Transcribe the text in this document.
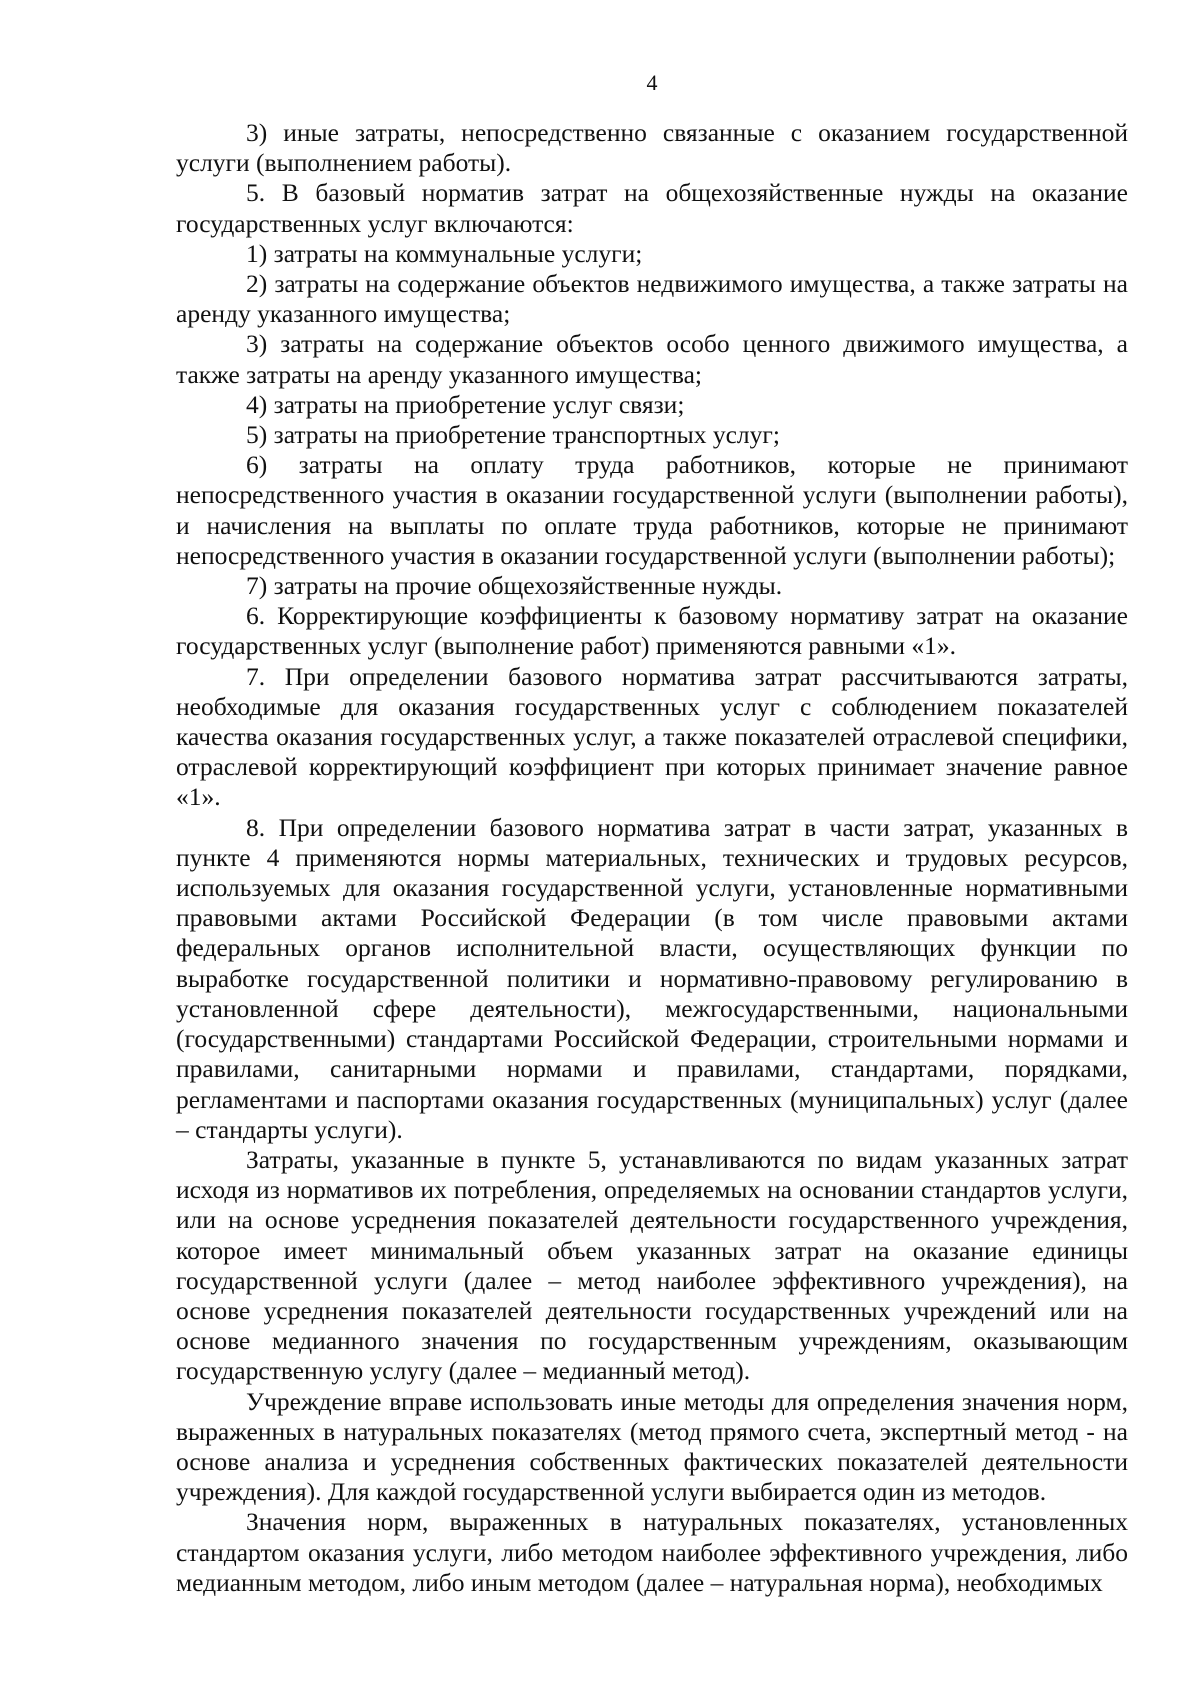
4

3) иные затраты, непосредственно связанные с оказанием государственной услуги (выполнением работы).

5. В базовый норматив затрат на общехозяйственные нужды на оказание государственных услуг включаются:

1) затраты на коммунальные услуги;

2) затраты на содержание объектов недвижимого имущества, а также затраты на аренду указанного имущества;

3) затраты на содержание объектов особо ценного движимого имущества, а также затраты на аренду указанного имущества;

4) затраты на приобретение услуг связи;

5) затраты на приобретение транспортных услуг;

6) затраты на оплату труда работников, которые не принимают непосредственного участия в оказании государственной услуги (выполнении работы), и начисления на выплаты по оплате труда работников, которые не принимают непосредственного участия в оказании государственной услуги (выполнении работы);

7) затраты на прочие общехозяйственные нужды.

6. Корректирующие коэффициенты к базовому нормативу затрат на оказание государственных услуг (выполнение работ) применяются равными «1».

7. При определении базового норматива затрат рассчитываются затраты, необходимые для оказания государственных услуг с соблюдением показателей качества оказания государственных услуг, а также показателей отраслевой специфики, отраслевой корректирующий коэффициент при которых принимает значение равное «1».

8. При определении базового норматива затрат в части затрат, указанных в пункте 4 применяются нормы материальных, технических и трудовых ресурсов, используемых для оказания государственной услуги, установленные нормативными правовыми актами Российской Федерации (в том числе правовыми актами федеральных органов исполнительной власти, осуществляющих функции по выработке государственной политики и нормативно-правовому регулированию в установленной сфере деятельности), межгосударственными, национальными (государственными) стандартами Российской Федерации, строительными нормами и правилами, санитарными нормами и правилами, стандартами, порядками, регламентами и паспортами оказания государственных (муниципальных) услуг (далее – стандарты услуги).

Затраты, указанные в пункте 5, устанавливаются по видам указанных затрат исходя из нормативов их потребления, определяемых на основании стандартов услуги, или на основе усреднения показателей деятельности государственного учреждения, которое имеет минимальный объем указанных затрат на оказание единицы государственной услуги (далее – метод наиболее эффективного учреждения), на основе усреднения показателей деятельности государственных учреждений или на основе медианного значения по государственным учреждениям, оказывающим государственную услугу (далее – медианный метод).

Учреждение вправе использовать иные методы для определения значения норм, выраженных в натуральных показателях (метод прямого счета, экспертный метод - на основе анализа и усреднения собственных фактических показателей деятельности учреждения). Для каждой государственной услуги выбирается один из методов.

Значения норм, выраженных в натуральных показателях, установленных стандартом оказания услуги, либо методом наиболее эффективного учреждения, либо медианным методом, либо иным методом (далее – натуральная норма), необходимых
